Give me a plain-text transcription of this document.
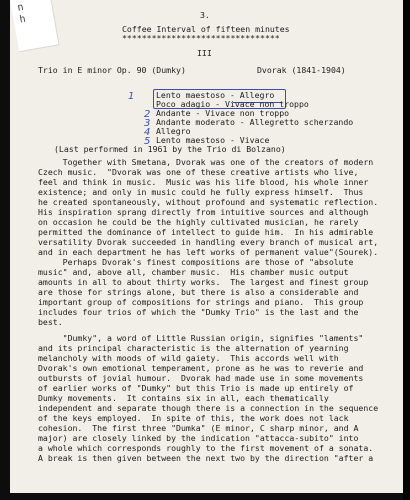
n
h

3.
Coffee Interval of fifteen minutes
********************************
III
Trio in E minor Op. 90 (Dumky)	Dvorak (1841-1904)
1	Lento maestoso - Allegro
Poco adagio - Vivace non troppo
2 Andante - Vivace non troppo
3 Andante moderato - Allegretto scherzando
4 Allegro
5 Lento maestoso - Vivace
(Last performed in 1961 by the Trio di Bolzano)
Together with Smetana, Dvorak was one of the creators of modern
Czech music.  "Dvorak was one of these creative artists who live,
feel and think in music.  Music was his life blood, his whole inner
existence; and only in music could he fully express himself.  Thus
he created spontaneously, without profound and systematic reflection.
His inspiration sprang directly from intuitive sources and although
on occasion he could be the highly cultivated musician, he rarely
permitted the dominance of intellect to guide him.  In his admirable
versatility Dvorak succeeded in handling every branch of musical art,
and in each department he has left works of permanent value"(Sourek).
Perhaps Dvorak's finest compositions are those of "absolute
music" and, above all, chamber music.  His chamber music output
amounts in all to about thirty works.  The largest and finest group
are those for strings alone, but there is also a considerable and
important group of compositions for strings and piano.  This group
includes four trios of which the "Dumky Trio" is the last and the
best.
"Dumky", a word of Little Russian origin, signifies "laments"
and its principal characteristic is the alternation of yearning
melancholy with moods of wild gaiety.  This accords well with
Dvorak's own emotional temperament, prone as he was to reverie and
outbursts of jovial humour.  Dvorak had made use in some movements
of earlier works of "Dumky" but this Trio is made up entirely of
Dumky movements.  It contains six in all, each thematically
independent and separate though there is a connection in the sequence
of the keys employed.  In spite of this, the work does not lack
cohesion.  The first three "Dumka" (E minor, C sharp minor, and A
major) are closely linked by the indication "attacca-subito" into
a whole which corresponds roughly to the first movement of a sonata.
A break is then given between the next two by the direction "after a
